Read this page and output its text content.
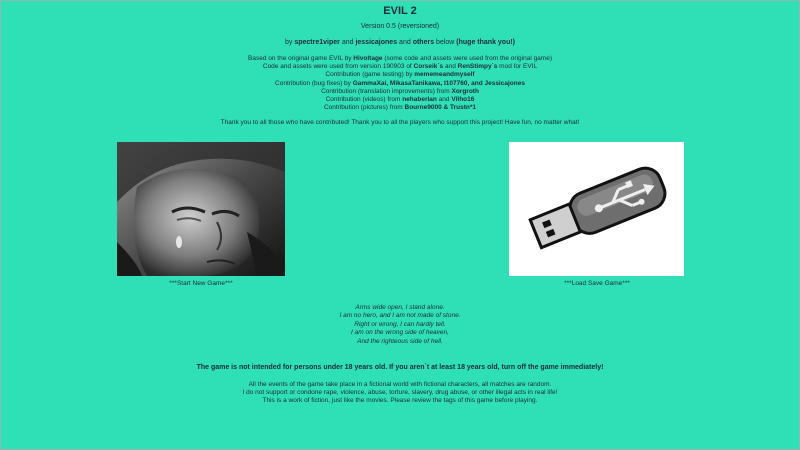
EVIL 2
Version 0.5 (reversioned)
by spectre1viper and jessicajones and others below (huge thank you!)
Based on the original game EVIL by Hivoltage (some code and assets were used from the original game)
Code and assets were used from version 190903 of Corseik`s and RenStimpy`s mod for EVIL
Contribution (game testing) by mememeandmyself
Contribution (bug fixes) by GammaXai, MikasaTanikawa, I107760, and Jessicajones
Contribution (translation improvements) from Xorgroth
Contribution (videos) from nehaberlan and Vilho16
Contribution (pictures) from Bourne9000 & Trustn*1
Thank you to all those who have contributed! Thank you to all the players who support this project! Have fun, no matter what!
***Start New Game***	***Load Save Game***
Arms wide open, I stand alone.
I am no hero, and I am not made of stone.
Right or wrong, I can hardly tell.
I am on the wrong side of heaven,
And the righteous side of hell.
The game is not intended for persons under 18 years old. If you aren`t at least 18 years old, turn off the game immediately!
All the events of the game take place in a fictional world with fictional characters, all matches are random.
I do not support or condone rape, violence, abuse, torture, slavery, drug abuse, or other illegal acts in real life!
This is a work of fiction, just like the movies. Please review the tags of this game before playing.
